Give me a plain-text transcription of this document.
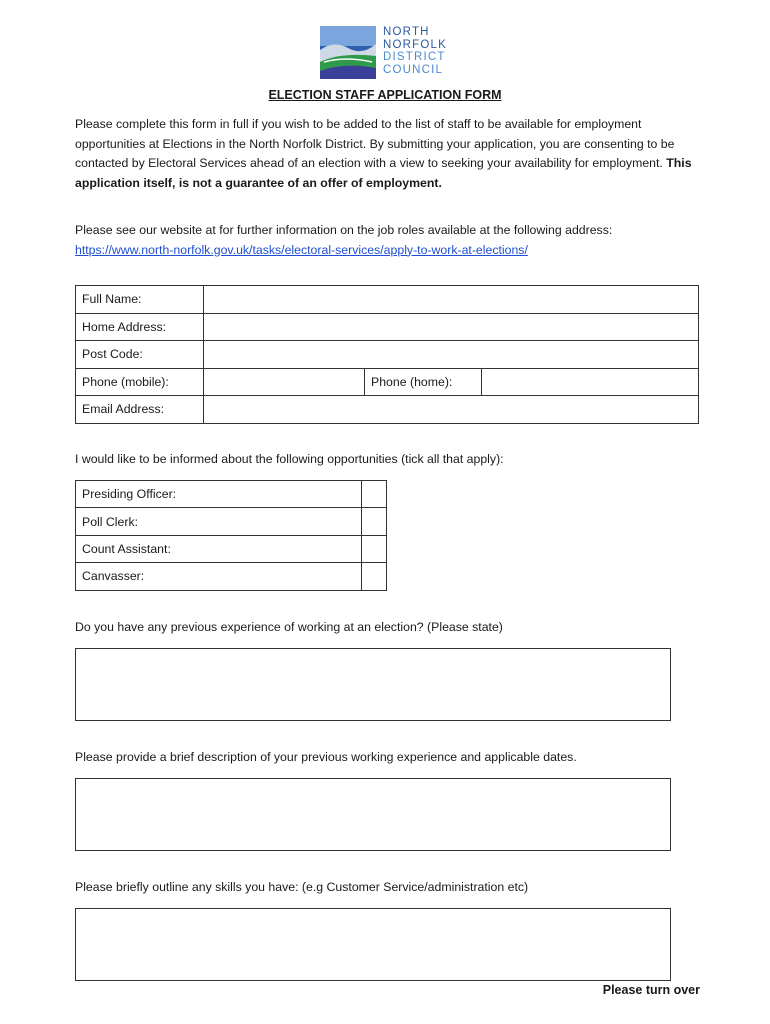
NORTH
NORFOLK
DISTRICT
COUNCIL
ELECTION STAFF APPLICATION FORM
Please complete this form in full if you wish to be added to the list of staff to be available for employment opportunities at Elections in the North Norfolk District. By submitting your application, you are consenting to be contacted by Electoral Services ahead of an election with a view to seeking your availability for employment. This application itself, is not a guarantee of an offer of employment.
Please see our website at for further information on the job roles available at the following address: https://www.north-norfolk.gov.uk/tasks/electoral-services/apply-to-work-at-elections/
Full Name:			
Home Address:			
Post Code:			
Phone (mobile):		Phone (home):	
Email Address:			
I would like to be informed about the following opportunities (tick all that apply):
Presiding Officer:	
Poll Clerk:	
Count Assistant:	
Canvasser:	
Do you have any previous experience of working at an election? (Please state)
Please provide a brief description of your previous working experience and applicable dates.
Please briefly outline any skills you have: (e.g Customer Service/administration etc)
Please turn over
